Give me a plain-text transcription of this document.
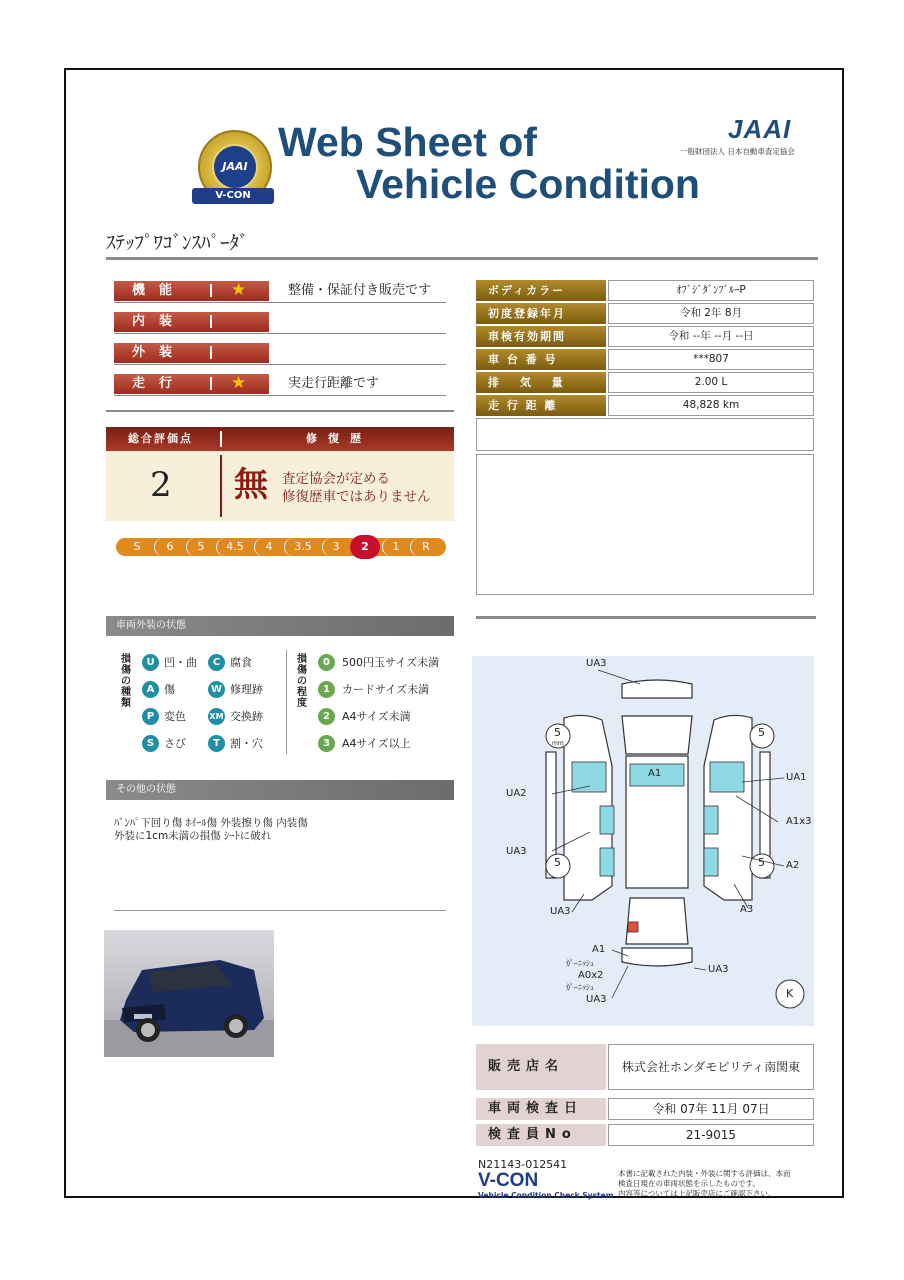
JAAI
V-CON
Web Sheet of
Vehicle Condition
JAAI
一般財団法人 日本自動車査定協会
ｽﾃｯﾌﾟﾜｺﾞﾝｽﾊﾟｰﾀﾞ
機能	★	整備・保証付き販売です
内装
外装
走行	★	実走行距離です
ボディカラー	ｵﾌﾞｼﾞﾀﾞﾝﾌﾞﾙｰP
初度登録年月	令和 2年 8月
車検有効期間	令和 --年 --月 --日
車 台 番 号	***807
排　 気　 量	2.00 L
走 行 距 離	48,828 km
総合評価点	修　復　歴
2 無 査定協会が定める
修復歴車ではありません
S	6	5	4.5	4	3.5	3	2	1	R
車両外装の状態
損傷の種類
U 凹・曲	C 腐食
A 傷	W 修理跡
P 変色	XM 交換跡
S さび	T 割・穴
損傷の程度
0	500円玉サイズ未満
1	カードサイズ未満
2	A4サイズ未満
3	A4サイズ以上
その他の状態
ﾊﾞﾝﾊﾟ下回り傷 ﾎｲｰﾙ傷 外装擦り傷 内装傷
外装に1cm未満の損傷 ｼｰﾄに破れ
UA3
A1	UA1
A1x3
A2
A3
UA2
UA3
UA3
A1
ｶﾞｰﾆｯｼｭ
A0x2
UA3
ｶﾞｰﾆｯｼｭ
UA3	K
5	5
5	5
mm
販売店名	株式会社ホンダモビリティ南関東
車両検査日	令和 07年 11月 07日
検査員No	21-9015
N21143-012541
V-CON
Vehicle Condition Check System
本書に記載された内装・外装に関する評価は、本而
検査日現在の車両状態を示したものです。
内容等については上記販売店にご確認下さい。
